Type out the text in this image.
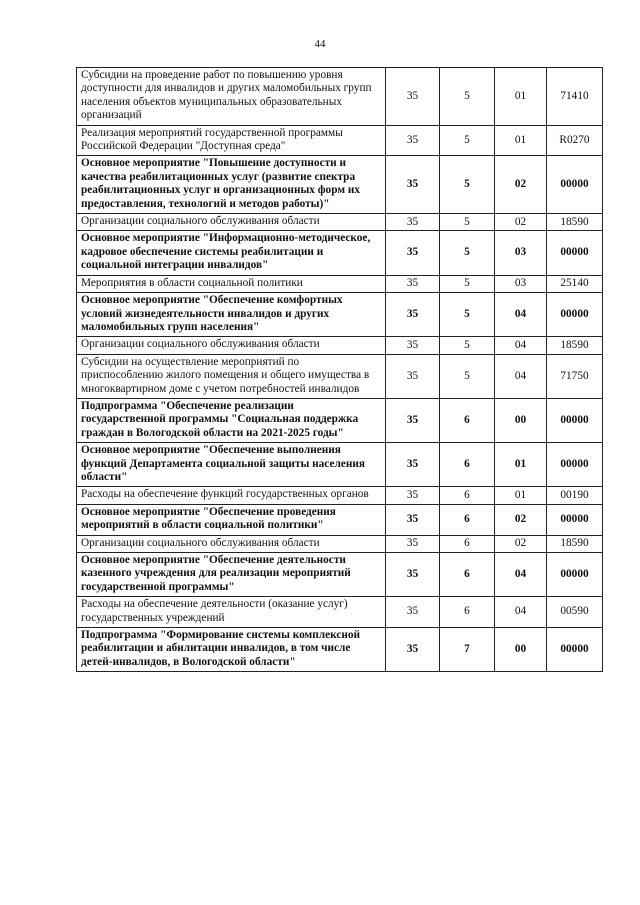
44
Субсидии на проведение работ по повышению уровня доступности для инвалидов и других маломобильных групп населения объектов муниципальных образовательных организаций	35	5	01	71410
Реализация мероприятий государственной программы Российской Федерации "Доступная среда"	35	5	01	R0270
Основное мероприятие "Повышение доступности и качества реабилитационных услуг (развитие спектра реабилитационных услуг и организационных форм их предоставления, технологий и методов работы)"	35	5	02	00000
Организации социального обслуживания области	35	5	02	18590
Основное мероприятие "Информационно-методическое, кадровое обеспечение системы реабилитации и социальной интеграции инвалидов"	35	5	03	00000
Мероприятия в области социальной политики	35	5	03	25140
Основное мероприятие "Обеспечение комфортных условий жизнедеятельности инвалидов и других маломобильных групп населения"	35	5	04	00000
Организации социального обслуживания области	35	5	04	18590
Субсидии на осуществление мероприятий по приспособлению жилого помещения и общего имущества в многоквартирном доме с учетом потребностей инвалидов	35	5	04	71750
Подпрограмма "Обеспечение реализации государственной программы "Социальная поддержка граждан в Вологодской области на 2021-2025 годы"	35	6	00	00000
Основное мероприятие "Обеспечение выполнения функций Департамента социальной защиты населения области"	35	6	01	00000
Расходы на обеспечение функций государственных органов	35	6	01	00190
Основное мероприятие "Обеспечение проведения мероприятий в области социальной политики"	35	6	02	00000
Организации социального обслуживания области	35	6	02	18590
Основное мероприятие "Обеспечение деятельности казенного учреждения для реализации мероприятий государственной программы"	35	6	04	00000
Расходы на обеспечение деятельности (оказание услуг) государственных учреждений	35	6	04	00590
Подпрограмма "Формирование системы комплексной реабилитации и абилитации инвалидов, в том числе детей-инвалидов, в Вологодской области"	35	7	00	00000
